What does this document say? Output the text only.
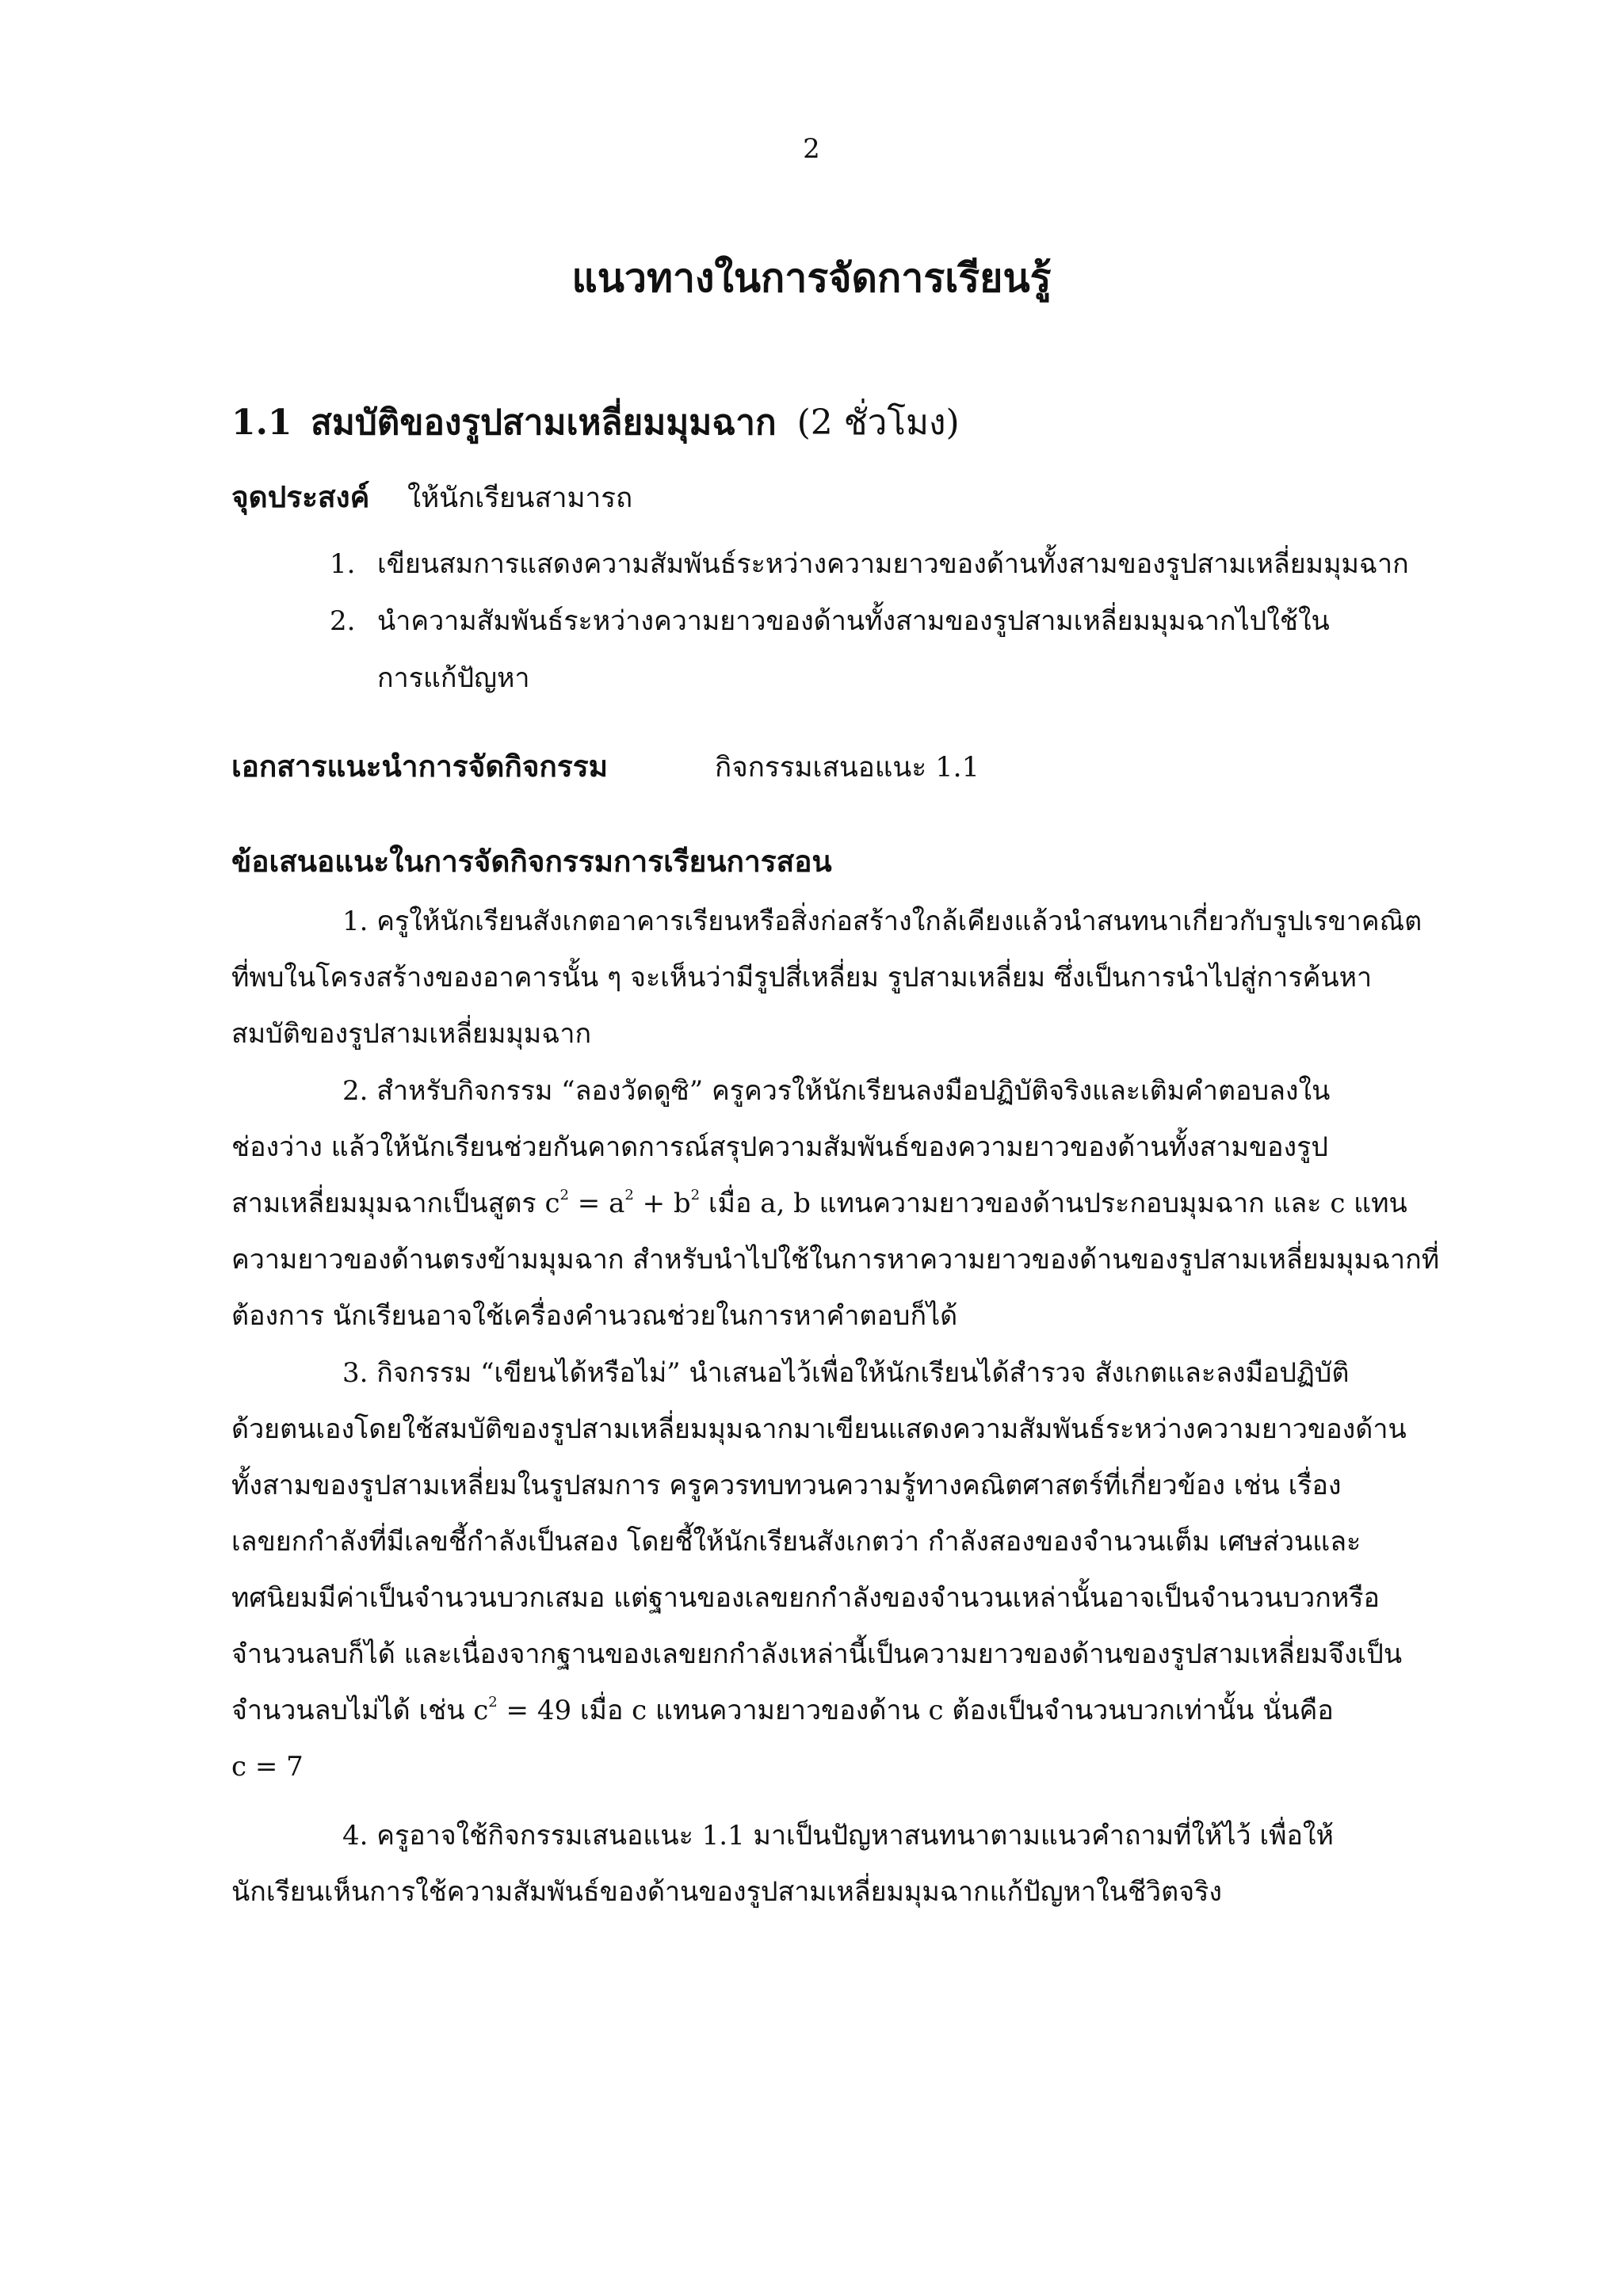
2
แนวทางในการจัดการเรียนรู้
1.1 สมบัติของรูปสามเหลี่ยมมุมฉาก (2 ชั่วโมง)
จุดประสงค์ ให้นักเรียนสามารถ
1. เขียนสมการแสดงความสัมพันธ์ระหว่างความยาวของด้านทั้งสามของรูปสามเหลี่ยมมุมฉาก
2. นำความสัมพันธ์ระหว่างความยาวของด้านทั้งสามของรูปสามเหลี่ยมมุมฉากไปใช้ใน
การแก้ปัญหา
เอกสารแนะนำการจัดกิจกรรม	กิจกรรมเสนอแนะ 1.1
ข้อเสนอแนะในการจัดกิจกรรมการเรียนการสอน

1. ครูให้นักเรียนสังเกตอาคารเรียนหรือสิ่งก่อสร้างใกล้เคียงแล้วนำสนทนาเกี่ยวกับรูปเรขาคณิต
ที่พบในโครงสร้างของอาคารนั้น ๆ จะเห็นว่ามีรูปสี่เหลี่ยม รูปสามเหลี่ยม ซึ่งเป็นการนำไปสู่การค้นหา
สมบัติของรูปสามเหลี่ยมมุมฉาก

2. สำหรับกิจกรรม “ลองวัดดูซิ” ครูควรให้นักเรียนลงมือปฏิบัติจริงและเติมคำตอบลงใน
ช่องว่าง แล้วให้นักเรียนช่วยกันคาดการณ์สรุปความสัมพันธ์ของความยาวของด้านทั้งสามของรูป
สามเหลี่ยมมุมฉากเป็นสูตร $c^2 = a^2 + b^2$ เมื่อ a, b แทนความยาวของด้านประกอบมุมฉาก และ c แทน
ความยาวของด้านตรงข้ามมุมฉาก สำหรับนำไปใช้ในการหาความยาวของด้านของรูปสามเหลี่ยมมุมฉากที่
ต้องการ นักเรียนอาจใช้เครื่องคำนวณช่วยในการหาคำตอบก็ได้

3. กิจกรรม “เขียนได้หรือไม่” นำเสนอไว้เพื่อให้นักเรียนได้สำรวจ สังเกตและลงมือปฏิบัติ
ด้วยตนเองโดยใช้สมบัติของรูปสามเหลี่ยมมุมฉากมาเขียนแสดงความสัมพันธ์ระหว่างความยาวของด้าน
ทั้งสามของรูปสามเหลี่ยมในรูปสมการ ครูควรทบทวนความรู้ทางคณิตศาสตร์ที่เกี่ยวข้อง เช่น เรื่อง
เลขยกกำลังที่มีเลขชี้กำลังเป็นสอง โดยชี้ให้นักเรียนสังเกตว่า กำลังสองของจำนวนเต็ม เศษส่วนและ
ทศนิยมมีค่าเป็นจำนวนบวกเสมอ แต่ฐานของเลขยกกำลังของจำนวนเหล่านั้นอาจเป็นจำนวนบวกหรือ
จำนวนลบก็ได้ และเนื่องจากฐานของเลขยกกำลังเหล่านี้เป็นความยาวของด้านของรูปสามเหลี่ยมจึงเป็น
จำนวนลบไม่ได้ เช่น $c^2 = 49$ เมื่อ c แทนความยาวของด้าน c ต้องเป็นจำนวนบวกเท่านั้น นั่นคือ
c = 7

4. ครูอาจใช้กิจกรรมเสนอแนะ 1.1 มาเป็นปัญหาสนทนาตามแนวคำถามที่ให้ไว้ เพื่อให้
นักเรียนเห็นการใช้ความสัมพันธ์ของด้านของรูปสามเหลี่ยมมุมฉากแก้ปัญหาในชีวิตจริง
